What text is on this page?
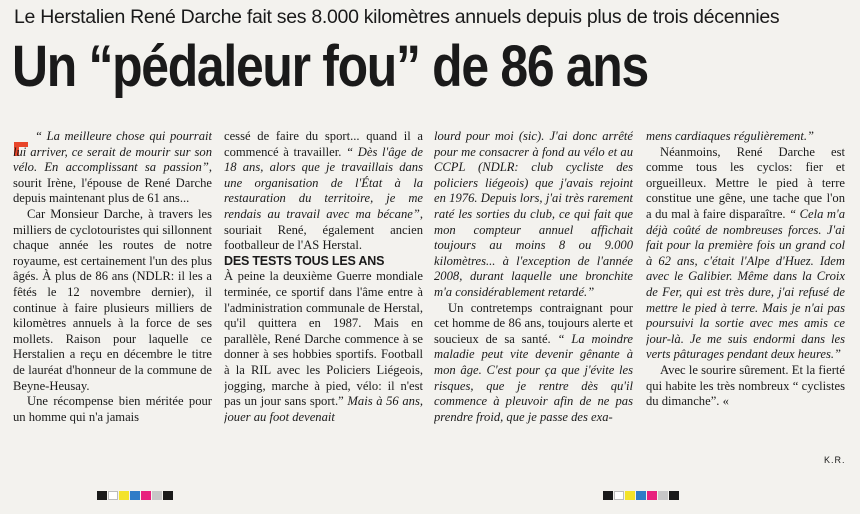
Le Herstalien René Darche fait ses 8.000 kilomètres annuels depuis plus de trois décennies
Un “pédaleur fou” de 86 ans

“ La meilleure chose qui pourrait lui arriver, ce serait de mourir sur son vélo. En accomplissant sa passion”, sourit Irène, l'épouse de René Darche depuis maintenant plus de 61 ans...

Car Monsieur Darche, à travers les milliers de cyclotouristes qui sillonnent chaque année les routes de notre royaume, est certainement l'un des plus âgés. À plus de 86 ans (NDLR: il les a fêtés le 12 novembre dernier), il continue à faire plusieurs milliers de kilomètres annuels à la force de ses mollets. Raison pour laquelle ce Herstalien a reçu en décembre le titre de lauréat d'honneur de la commune de Beyne-Heusay.

Une récompense bien méritée pour un homme qui n'a jamais

cessé de faire du sport... quand il a commencé à travailler. “ Dès l'âge de 18 ans, alors que je travaillais dans une organisation de l'État à la restauration du territoire, je me rendais au travail avec ma bécane”, souriait René, également ancien footballeur de l'AS Herstal.

DES TESTS TOUS LES ANS

À peine la deuxième Guerre mondiale terminée, ce sportif dans l'âme entre à l'administration communale de Herstal, qu'il quittera en 1987. Mais en parallèle, René Darche commence à se donner à ses hobbies sportifs. Football à la RIL avec les Policiers Liégeois, jogging, marche à pied, vélo: il n'est pas un jour sans sport.” Mais à 56 ans, jouer au foot devenait

lourd pour moi (sic). J'ai donc arrêté pour me consacrer à fond au vélo et au CCPL (NDLR: club cycliste des policiers liégeois) que j'avais rejoint en 1976. Depuis lors, j'ai très rarement raté les sorties du club, ce qui fait que mon compteur annuel affichait toujours au moins 8 ou 9.000 kilomètres... à l'exception de l'année 2008, durant laquelle une bronchite m'a considérablement retardé.”

Un contretemps contraignant pour cet homme de 86 ans, toujours alerte et soucieux de sa santé. “ La moindre maladie peut vite devenir gênante à mon âge. C'est pour ça que j'évite les risques, que je rentre dès qu'il commence à pleuvoir afin de ne pas prendre froid, que je passe des exa-

mens cardiaques régulièrement.”

Néanmoins, René Darche est comme tous les cyclos: fier et orgueilleux. Mettre le pied à terre constitue une gêne, une tache que l'on a du mal à faire disparaître. “ Cela m'a déjà coûté de nombreuses forces. J'ai fait pour la première fois un grand col à 62 ans, c'était l'Alpe d'Huez. Idem avec le Galibier. Même dans la Croix de Fer, qui est très dure, j'ai refusé de mettre le pied à terre. Mais je n'ai pas poursuivi la sortie avec mes amis ce jour-là. Je me suis endormi dans les verts pâturages pendant deux heures.”

Avec le sourire sûrement. Et la fierté qui habite les très nombreux “ cyclistes du dimanche”. «

K.R.
